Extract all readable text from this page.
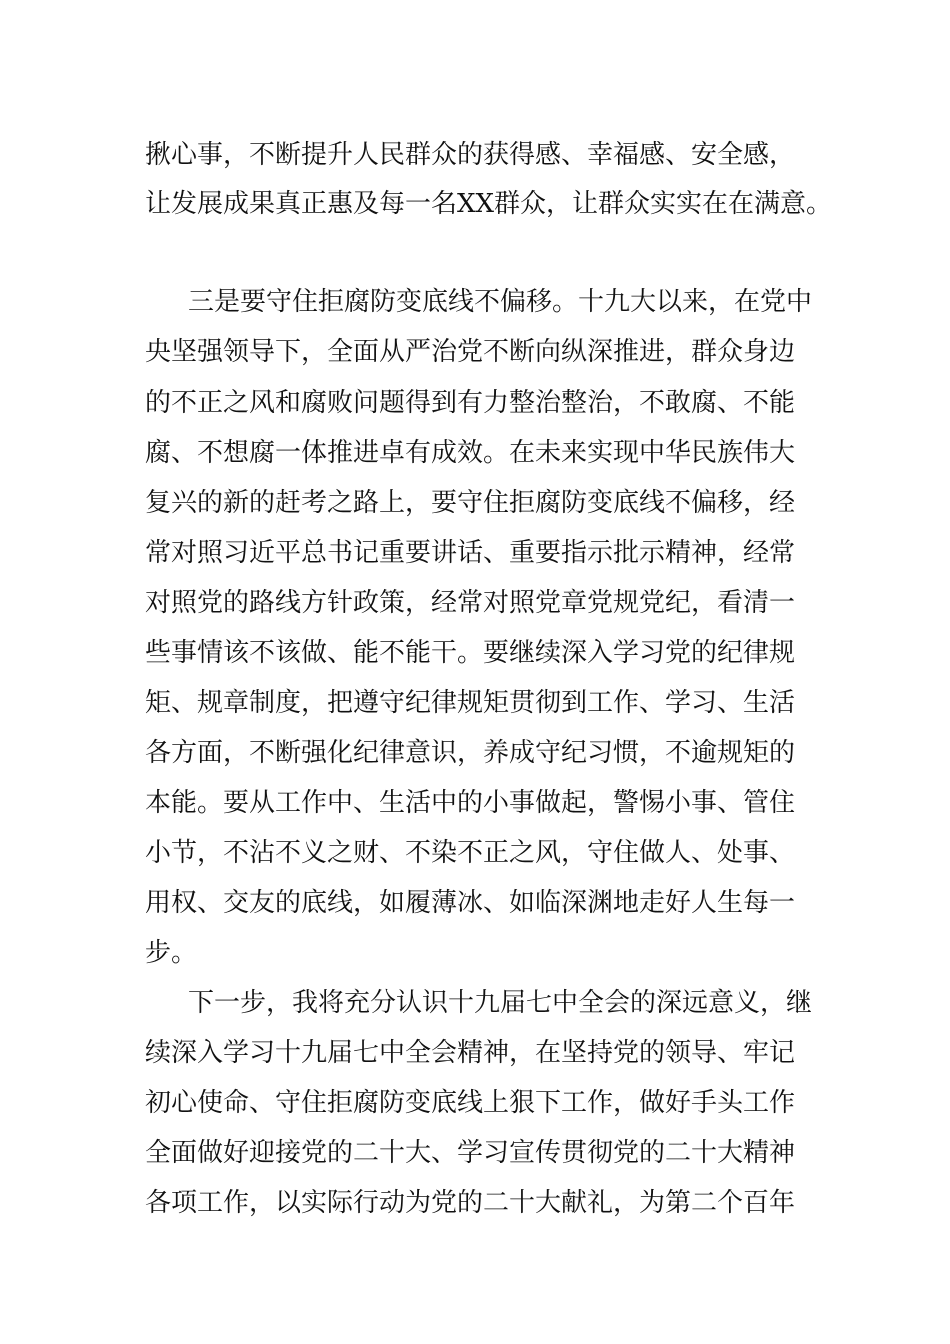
揪心事，不断提升人民群众的获得感、幸福感、安全感，
让发展成果真正惠及每一名XX群众，让群众实实在在满意。
三是要守住拒腐防变底线不偏移。十九大以来，在党中
央坚强领导下，全面从严治党不断向纵深推进，群众身边
的不正之风和腐败问题得到有力整治整治，不敢腐、不能
腐、不想腐一体推进卓有成效。在未来实现中华民族伟大
复兴的新的赶考之路上，要守住拒腐防变底线不偏移，经
常对照习近平总书记重要讲话、重要指示批示精神，经常
对照党的路线方针政策，经常对照党章党规党纪，看清一
些事情该不该做、能不能干。要继续深入学习党的纪律规
矩、规章制度，把遵守纪律规矩贯彻到工作、学习、生活
各方面，不断强化纪律意识，养成守纪习惯，不逾规矩的
本能。要从工作中、生活中的小事做起，警惕小事、管住
小节，不沾不义之财、不染不正之风，守住做人、处事、
用权、交友的底线，如履薄冰、如临深渊地走好人生每一
步。
下一步，我将充分认识十九届七中全会的深远意义，继
续深入学习十九届七中全会精神，在坚持党的领导、牢记
初心使命、守住拒腐防变底线上狠下工作，做好手头工作
全面做好迎接党的二十大、学习宣传贯彻党的二十大精神
各项工作，以实际行动为党的二十大献礼，为第二个百年
